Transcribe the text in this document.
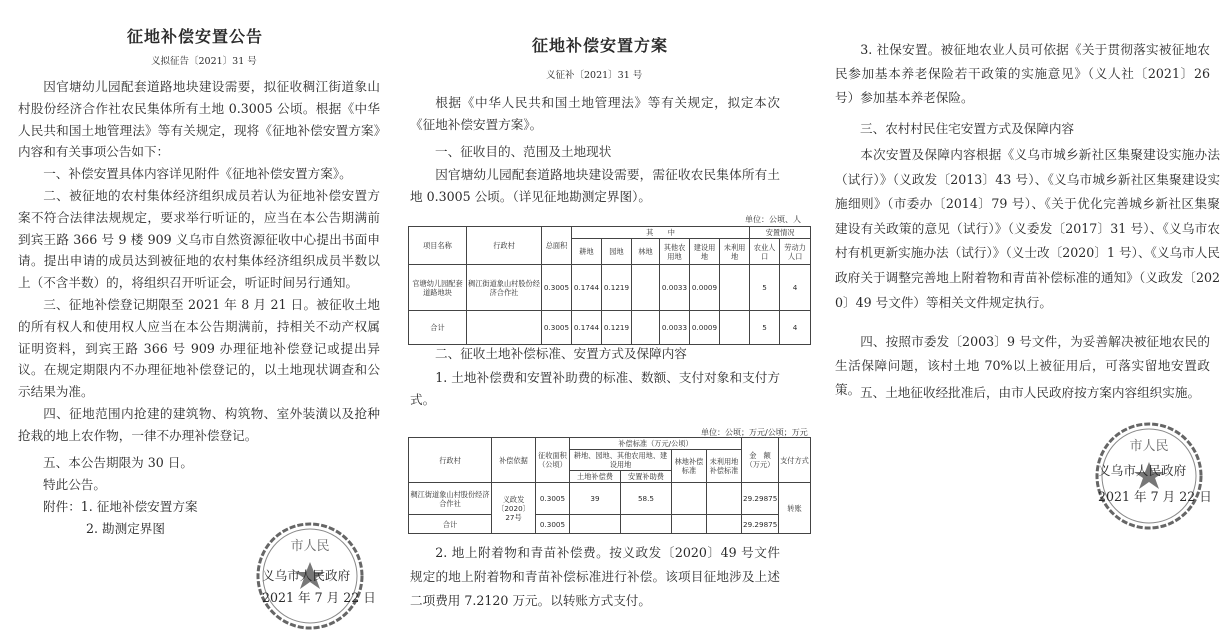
征地补偿安置公告
义拟征告〔2021〕31 号
因官塘幼儿园配套道路地块建设需要，拟征收稠江街道象山村股份经济合作社农民集体所有土地 0.3005 公顷。根据《中华人民共和国土地管理法》等有关规定，现将《征地补偿安置方案》内容和有关事项公告如下：
一、补偿安置具体内容详见附件《征地补偿安置方案》。
二、被征地的农村集体经济组织成员若认为征地补偿安置方案不符合法律法规规定，要求举行听证的，应当在本公告期满前到宾王路 366 号 9 楼 909 义乌市自然资源征收中心提出书面申请。提出申请的成员达到被征地的农村集体经济组织成员半数以上（不含半数）的，将组织召开听证会，听证时间另行通知。
三、征地补偿登记期限至 2021 年 8 月 21 日。被征收土地的所有权人和使用权人应当在本公告期满前，持相关不动产权属证明资料，到宾王路 366 号 909 办理征地补偿登记或提出异议。在规定期限内不办理征地补偿登记的，以土地现状调查和公示结果为准。
四、征地范围内抢建的建筑物、构筑物、室外装潢以及抢种抢栽的地上农作物，一律不办理补偿登记。
五、本公告期限为 30 日。
特此公告。
附件：1. 征地补偿安置方案
2. 勘测定界图
市人民
义乌市人民政府
2021 年 7 月 22 日
征地补偿安置方案
义征补〔2021〕31 号
根据《中华人民共和国土地管理法》等有关规定，拟定本次《征地补偿安置方案》。
一、征收目的、范围及土地现状
因官塘幼儿园配套道路地块建设需要，需征收农民集体所有土地 0.3005 公顷。（详见征地勘测定界图）。
单位：公顷、人
项目名称	行政村	总面积	其　　中						安置情况	
			耕地	园地	林地	其他农用地	建设用地	未利用地	农业人口	劳动力人口
官塘幼儿园配套道路地块	稠江街道象山村股份经济合作社	0.3005	0.1744	0.1219		0.0033	0.0009		5	4
合计		0.3005	0.1744	0.1219		0.0033	0.0009		5	4
二、征收土地补偿标准、安置方式及保障内容
1. 土地补偿费和安置补助费的标准、数额、支付对象和支付方式。
单位：公顷；万元/公顷；万元
行政村	补偿依据	征收面积（公顷）	补偿标准（万元/公顷）				金　额（万元）	支付方式
			耕地、园地、其他农用地、建设用地		林地补偿标准	未利用地补偿标准		
			土地补偿费	安置补助费				
稠江街道象山村股份经济合作社	义政发〔2020〕27号	0.3005	39	58.5			29.29875	转账
合计		0.3005					29.29875	
2. 地上附着物和青苗补偿费。按义政发〔2020〕49 号文件规定的地上附着物和青苗补偿标准进行补偿。该项目征地涉及上述二项费用 7.2120 万元。以转账方式支付。
3. 社保安置。被征地农业人员可依据《关于贯彻落实被征地农民参加基本养老保险若干政策的实施意见》（义人社〔2021〕26 号）参加基本养老保险。
三、农村村民住宅安置方式及保障内容
本次安置及保障内容根据《义乌市城乡新社区集聚建设实施办法（试行）》（义政发〔2013〕43 号）、《义乌市城乡新社区集聚建设实施细则》（市委办〔2014〕79 号）、《关于优化完善城乡新社区集聚建设有关政策的意见（试行）》（义委发〔2017〕31 号）、《义乌市农村有机更新实施办法（试行）》（义士改〔2020〕1 号）、《义乌市人民政府关于调整完善地上附着物和青苗补偿标准的通知》（义政发〔2020〕49 号文件）等相关文件规定执行。
四、按照市委发〔2003〕9 号文件，为妥善解决被征地农民的生活保障问题，该村土地 70%以上被征用后，可落实留地安置政策。 五、土地征收经批准后，由市人民政府按方案内容组织实施。
市人民
义乌市人民政府
2021 年 7 月 22 日
